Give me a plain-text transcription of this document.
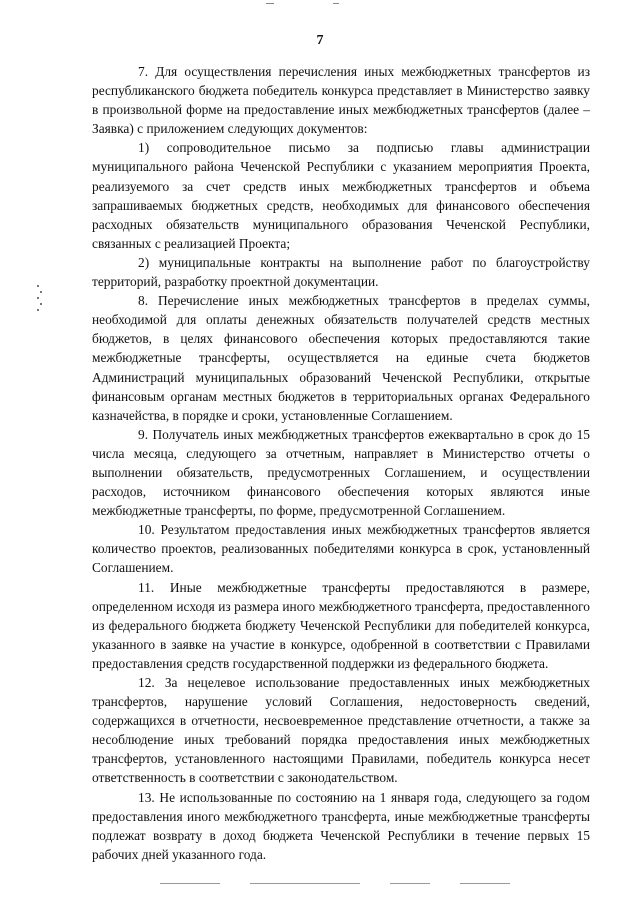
7

7. Для осуществления перечисления иных межбюджетных трансфертов из республиканского бюджета победитель конкурса представляет в Министерство заявку в произвольной форме на предоставление иных межбюджетных трансфертов (далее – Заявка) с приложением следующих документов:

1) сопроводительное письмо за подписью главы администрации муниципального района Чеченской Республики с указанием мероприятия Проекта, реализуемого за счет средств иных межбюджетных трансфертов и объема запрашиваемых бюджетных средств, необходимых для финансового обеспечения расходных обязательств муниципального образования Чеченской Республики, связанных с реализацией Проекта;

2) муниципальные контракты на выполнение работ по благоустройству территорий, разработку проектной документации.

8. Перечисление иных межбюджетных трансфертов в пределах суммы, необходимой для оплаты денежных обязательств получателей средств местных бюджетов, в целях финансового обеспечения которых предоставляются такие межбюджетные трансферты, осуществляется на единые счета бюджетов Администраций муниципальных образований Чеченской Республики, открытые финансовым органам местных бюджетов в территориальных органах Федерального казначейства, в порядке и сроки, установленные Соглашением.

9. Получатель иных межбюджетных трансфертов ежеквартально в срок до 15 числа месяца, следующего за отчетным, направляет в Министерство отчеты о выполнении обязательств, предусмотренных Соглашением, и осуществлении расходов, источником финансового обеспечения которых являются иные межбюджетные трансферты, по форме, предусмотренной Соглашением.

10. Результатом предоставления иных межбюджетных трансфертов является количество проектов, реализованных победителями конкурса в срок, установленный Соглашением.

11. Иные межбюджетные трансферты предоставляются в размере, определенном исходя из размера иного межбюджетного трансферта, предоставленного из федерального бюджета бюджету Чеченской Республики для победителей конкурса, указанного в заявке на участие в конкурсе, одобренной в соответствии с Правилами предоставления средств государственной поддержки из федерального бюджета.

12. За нецелевое использование предоставленных иных межбюджетных трансфертов, нарушение условий Соглашения, недостоверность сведений, содержащихся в отчетности, несвоевременное представление отчетности, а также за несоблюдение иных требований порядка предоставления иных межбюджетных трансфертов, установленного настоящими Правилами, победитель конкурса несет ответственность в соответствии с законодательством.

13. Не использованные по состоянию на 1 января года, следующего за годом предоставления иного межбюджетного трансферта, иные межбюджетные трансферты подлежат возврату в доход бюджета Чеченской Республики в течение первых 15 рабочих дней указанного года.
